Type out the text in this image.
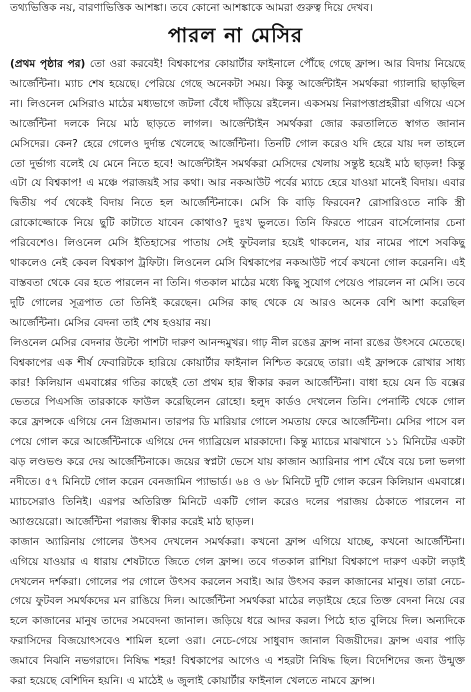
তথ্যভিত্তিক নয়, বারণাভিত্তিক আশঙ্কা। তবে কোনো আশঙ্কাকে আমরা গুরুত্ব দিয়ে দেখব।
পারল না মেসির
(প্রথম পৃষ্ঠার পর) তো ওরা করবেই! বিশ্বকাপের কোয়ার্টার ফাইনালে পৌঁছে গেছে ফ্রান্স। আর বিদায় নিয়েছে আর্জেন্টিনা। ম্যাচ শেষ হয়েছে। পেরিয়ে গেছে অনেকটা সময়। কিন্তু আর্জেন্টাইন সমর্থকরা গ্যালারি ছাড়ছিল না। লিওনেল মেসিরাও মাঠের মধ্যভাগে জটলা বেঁধে দাঁড়িয়ে রইলেন। একসময় নিরাপত্তাপ্রহরীরা এগিয়ে এসে আর্জেন্টিনা দলকে নিয়ে মাঠ ছাড়তে লাগল। আর্জেন্টাইন সমর্থকরা জোর করতালিতে স্বাগত জানান মেসিদের। কেন? হেরে গেলেও দুর্দান্ত খেলেছে আর্জেন্টিনা। তিনটি গোল করেও যদি হেরে যায় দল তাহলে তো দুর্ভাগ্য বলেই যে মেনে নিতে হবে! আর্জেন্টাইন সমর্থকরা মেসিদের খেলায় সন্তুষ্ট হয়েই মাঠ ছাড়ল! কিন্তু এটা যে বিশ্বকাপ! এ মঞ্চে পরাজয়ই সার কথা। আর নকআউট পর্বের ম্যাচে হেরে যাওয়া মানেই বিদায়। এবার দ্বিতীয় পর্ব থেকেই বিদায় নিতে হল আর্জেন্টিনাকে। মেসি কি বাড়ি ফিরবেন? রোসারিওতে নাকি স্ত্রী রোকোজ্জোকে নিয়ে ছুটি কাটাতে যাবেন কোথাও? দুঃখ ভুলতে। তিনি ফিরতে পারেন বার্সেলোনার চেনা পরিবেশেও। লিওনেল মেসি ইতিহাসের পাতায় সেই ফুটবলার হয়েই থাকলেন, যার নামের পাশে সবকিছু থাকলেও নেই কেবল বিশ্বকাপ ট্রফিটা। লিওনেল মেসি বিশ্বকাপের নকআউট পর্বে কখনো গোল করেননি। এই বাস্তবতা থেকে বের হতে পারলেন না তিনি। গতকাল মাঠের মধ্যে কিছু সুযোগ পেয়েও পারলেন না মেসি। তবে দুটি গোলের সূত্রপাত তো তিনিই করেছেন। মেসির কাছ থেকে যে আরও অনেক বেশি আশা করেছিল আর্জেন্টিনা। মেসির বেদনা তাই শেষ হওয়ার নয়।
লিওনেল মেসির বেদনার উল্টো পাশটা দারুণ আনন্দমুখর। গাঢ় নীল রঙের ফ্রান্স নানা রঙের উৎসবে মেতেছে। বিশ্বকাপের এক শীর্ষ ফেবারিটকে হারিয়ে কোয়ার্টার ফাইনাল নিশ্চিত করেছে তারা। এই ফ্রান্সকে রোখার সাধ্য কার! কিলিয়ান এমবাপ্পের গতির কাছেই তো প্রথম হার স্বীকার করল আর্জেন্টিনা। বাধা হয়ে যেন ডি বক্সের ভেতরে পিএসজি তারকাকে ফাউল করেছিলেন রোহো। হলুদ কার্ডও দেখলেন তিনি। পেনাল্টি থেকে গোল করে ফ্রান্সকে এগিয়ে নেন গ্রিজমান। তারপর ডি মারিয়ার গোলে সমতায় ফেরে আর্জেন্টিনা। মেসির পাসে বল পেয়ে গোল করে আর্জেন্টিনাকে এগিয়ে দেন গ্যাব্রিয়েল মারকাদো। কিন্তু ম্যাচের মাঝখানে ১১ মিনিটের একটা ঝড় লণ্ডভণ্ড করে দেয় আর্জেন্টিনাকে। জয়ের স্বপ্নটা ভেসে যায় কাজান অ্যারিনার পাশ ঘেঁষে বয়ে চলা ভলগা নদীতে। ৫৭ মিনিটে গোল করেন বেনজামিন প্যাভার্ড। ৬৪ ও ৬৮ মিনিটে দুটি গোল করেন কিলিয়ান এমবাপ্পে। ম্যাচসেরাও তিনিই। এরপর অতিরিক্ত মিনিটে একটি গোল করেও দলের পরাজয় ঠেকাতে পারলেন না অ্যাগুয়েরো। আর্জেন্টিনা পরাজয় স্বীকার করেই মাঠ ছাড়ল।
কাজান অ্যারিনায় গোলের উৎসব দেখলেন সমর্থকরা। কখনো ফ্রান্স এগিয়ে যাচ্ছে, কখনো আর্জেন্টিনা। এগিয়ে যাওয়ার এ ধারায় শেষটাতে জিতে গেল ফ্রান্স। তবে গতকাল রাশিয়া বিশ্বকাপে দারুণ একটা লড়াই দেখলেন দর্শকরা। গোলের পর গোলে উৎসব করলেন সবাই। আর উৎসব করল কাজানের মানুষ। তারা নেচে-গেয়ে ফুটবল সমর্থকদের মন রাঙিয়ে দিল। আর্জেন্টিনা সমর্থকরা মাঠের লড়াইয়ে হেরে তিক্ত বেদনা নিয়ে বের হলে কাজানের মানুষ তাদের সমবেদনা জানাল। জড়িয়ে ধরে আদর করল। পিঠে হাত বুলিয়ে দিল। অন্যদিকে ফরাসিদের বিজয়োৎসবেও শামিল হলো ওরা। নেচে-গেয়ে সাধুবাদ জানাল বিজয়ীদের। ফ্রান্স এবার পাড়ি জমাবে নিঝনি নভগরাদে। নিষিদ্ধ শহর! বিশ্বকাপের আগেও এ শহরটা নিষিদ্ধ ছিল। বিদেশিদের জন্য উন্মুক্ত করা হয়েছে বেশিদিন হয়নি। এ মাঠেই ৬ জুলাই কোয়ার্টার ফাইনাল খেলতে নামবে ফ্রান্স।
